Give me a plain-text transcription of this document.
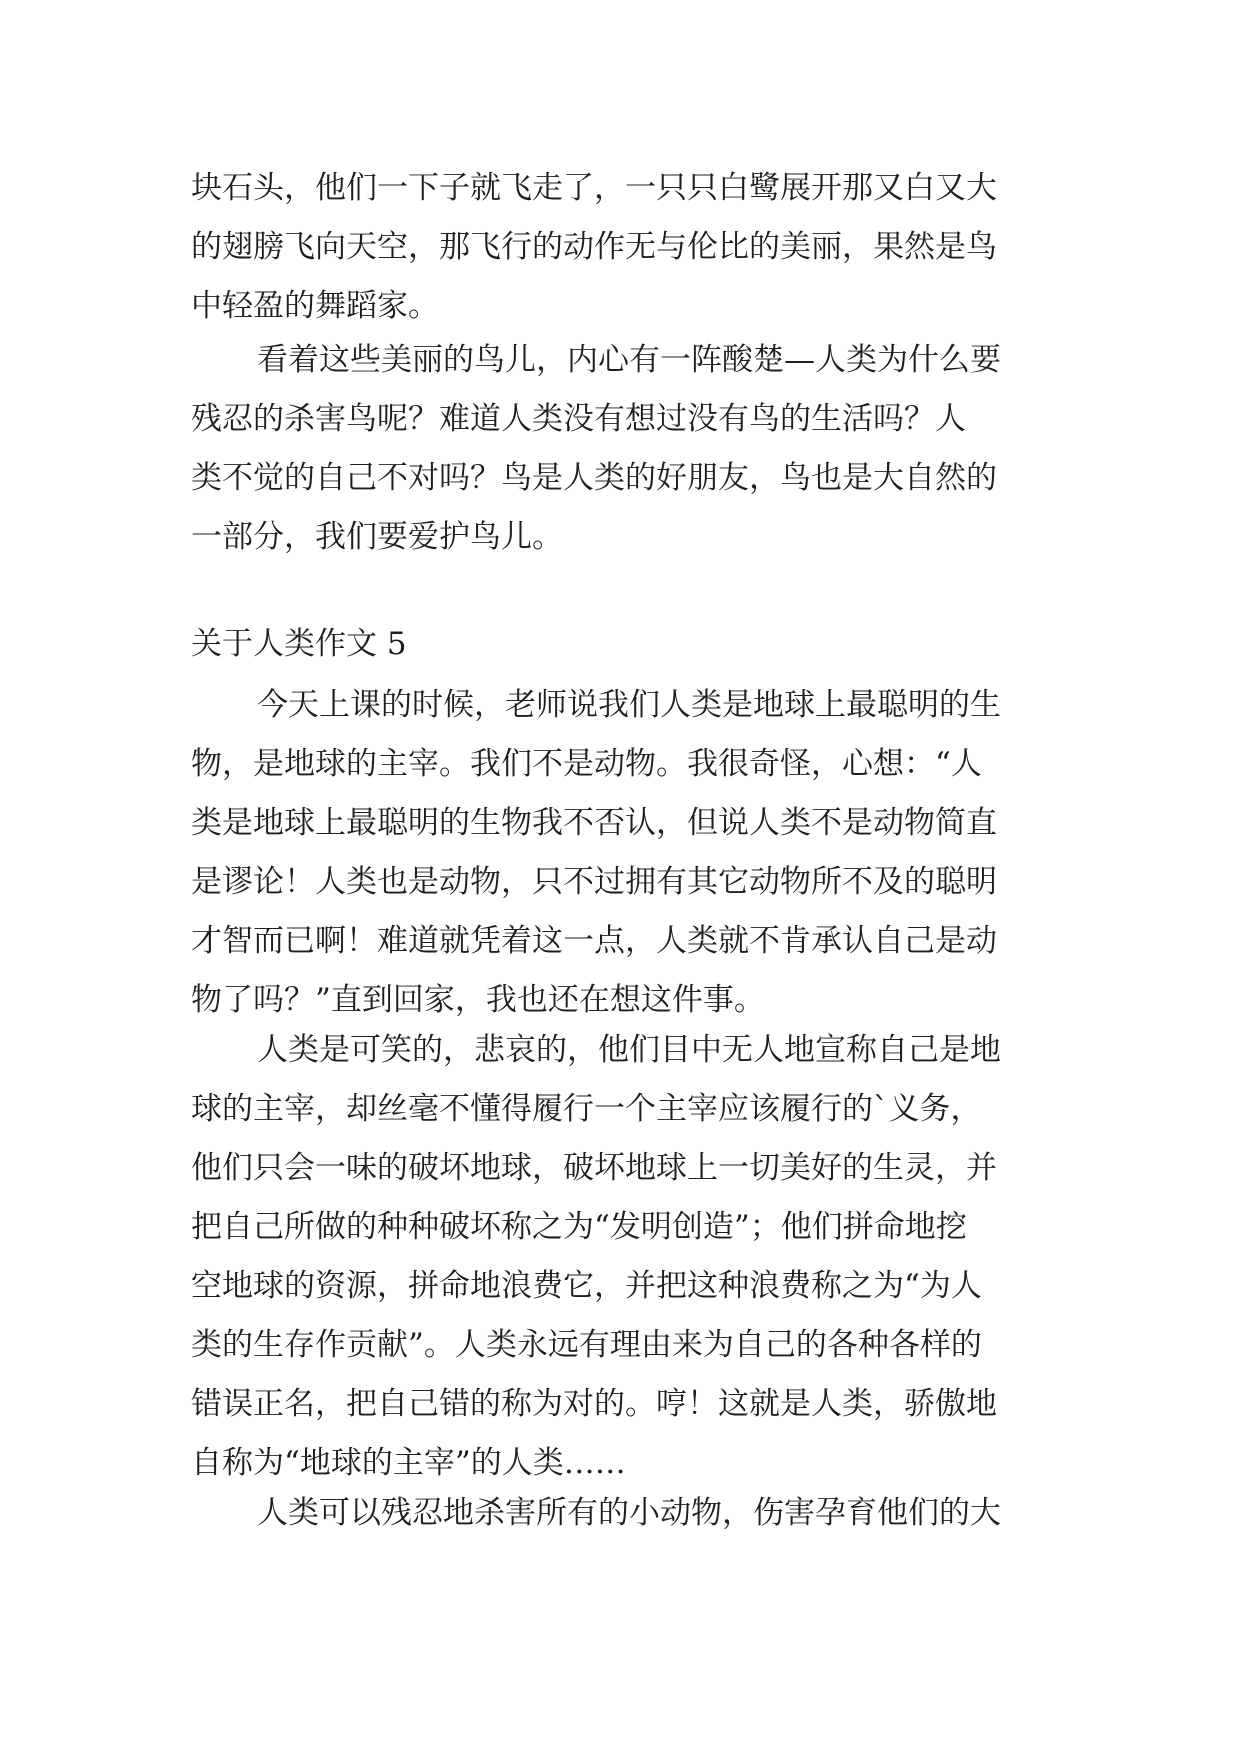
块石头，他们一下子就飞走了，一只只白鹭展开那又白又大
的翅膀飞向天空，那飞行的动作无与伦比的美丽，果然是鸟
中轻盈的舞蹈家。
看着这些美丽的鸟儿，内心有一阵酸楚—人类为什么要
残忍的杀害鸟呢？难道人类没有想过没有鸟的生活吗？人
类不觉的自己不对吗？鸟是人类的好朋友，鸟也是大自然的
一部分，我们要爱护鸟儿。
关于人类作文 5
今天上课的时候，老师说我们人类是地球上最聪明的生
物，是地球的主宰。我们不是动物。我很奇怪，心想：“人
类是地球上最聪明的生物我不否认，但说人类不是动物简直
是谬论！人类也是动物，只不过拥有其它动物所不及的聪明
才智而已啊！难道就凭着这一点，人类就不肯承认自己是动
物了吗？”直到回家，我也还在想这件事。
人类是可笑的，悲哀的，他们目中无人地宣称自己是地
球的主宰，却丝毫不懂得履行一个主宰应该履行的`义务，
他们只会一味的破坏地球，破坏地球上一切美好的生灵，并
把自己所做的种种破坏称之为“发明创造”；他们拼命地挖
空地球的资源，拼命地浪费它，并把这种浪费称之为“为人
类的生存作贡献”。人类永远有理由来为自己的各种各样的
错误正名，把自己错的称为对的。哼！这就是人类，骄傲地
自称为“地球的主宰”的人类……
人类可以残忍地杀害所有的小动物，伤害孕育他们的大
